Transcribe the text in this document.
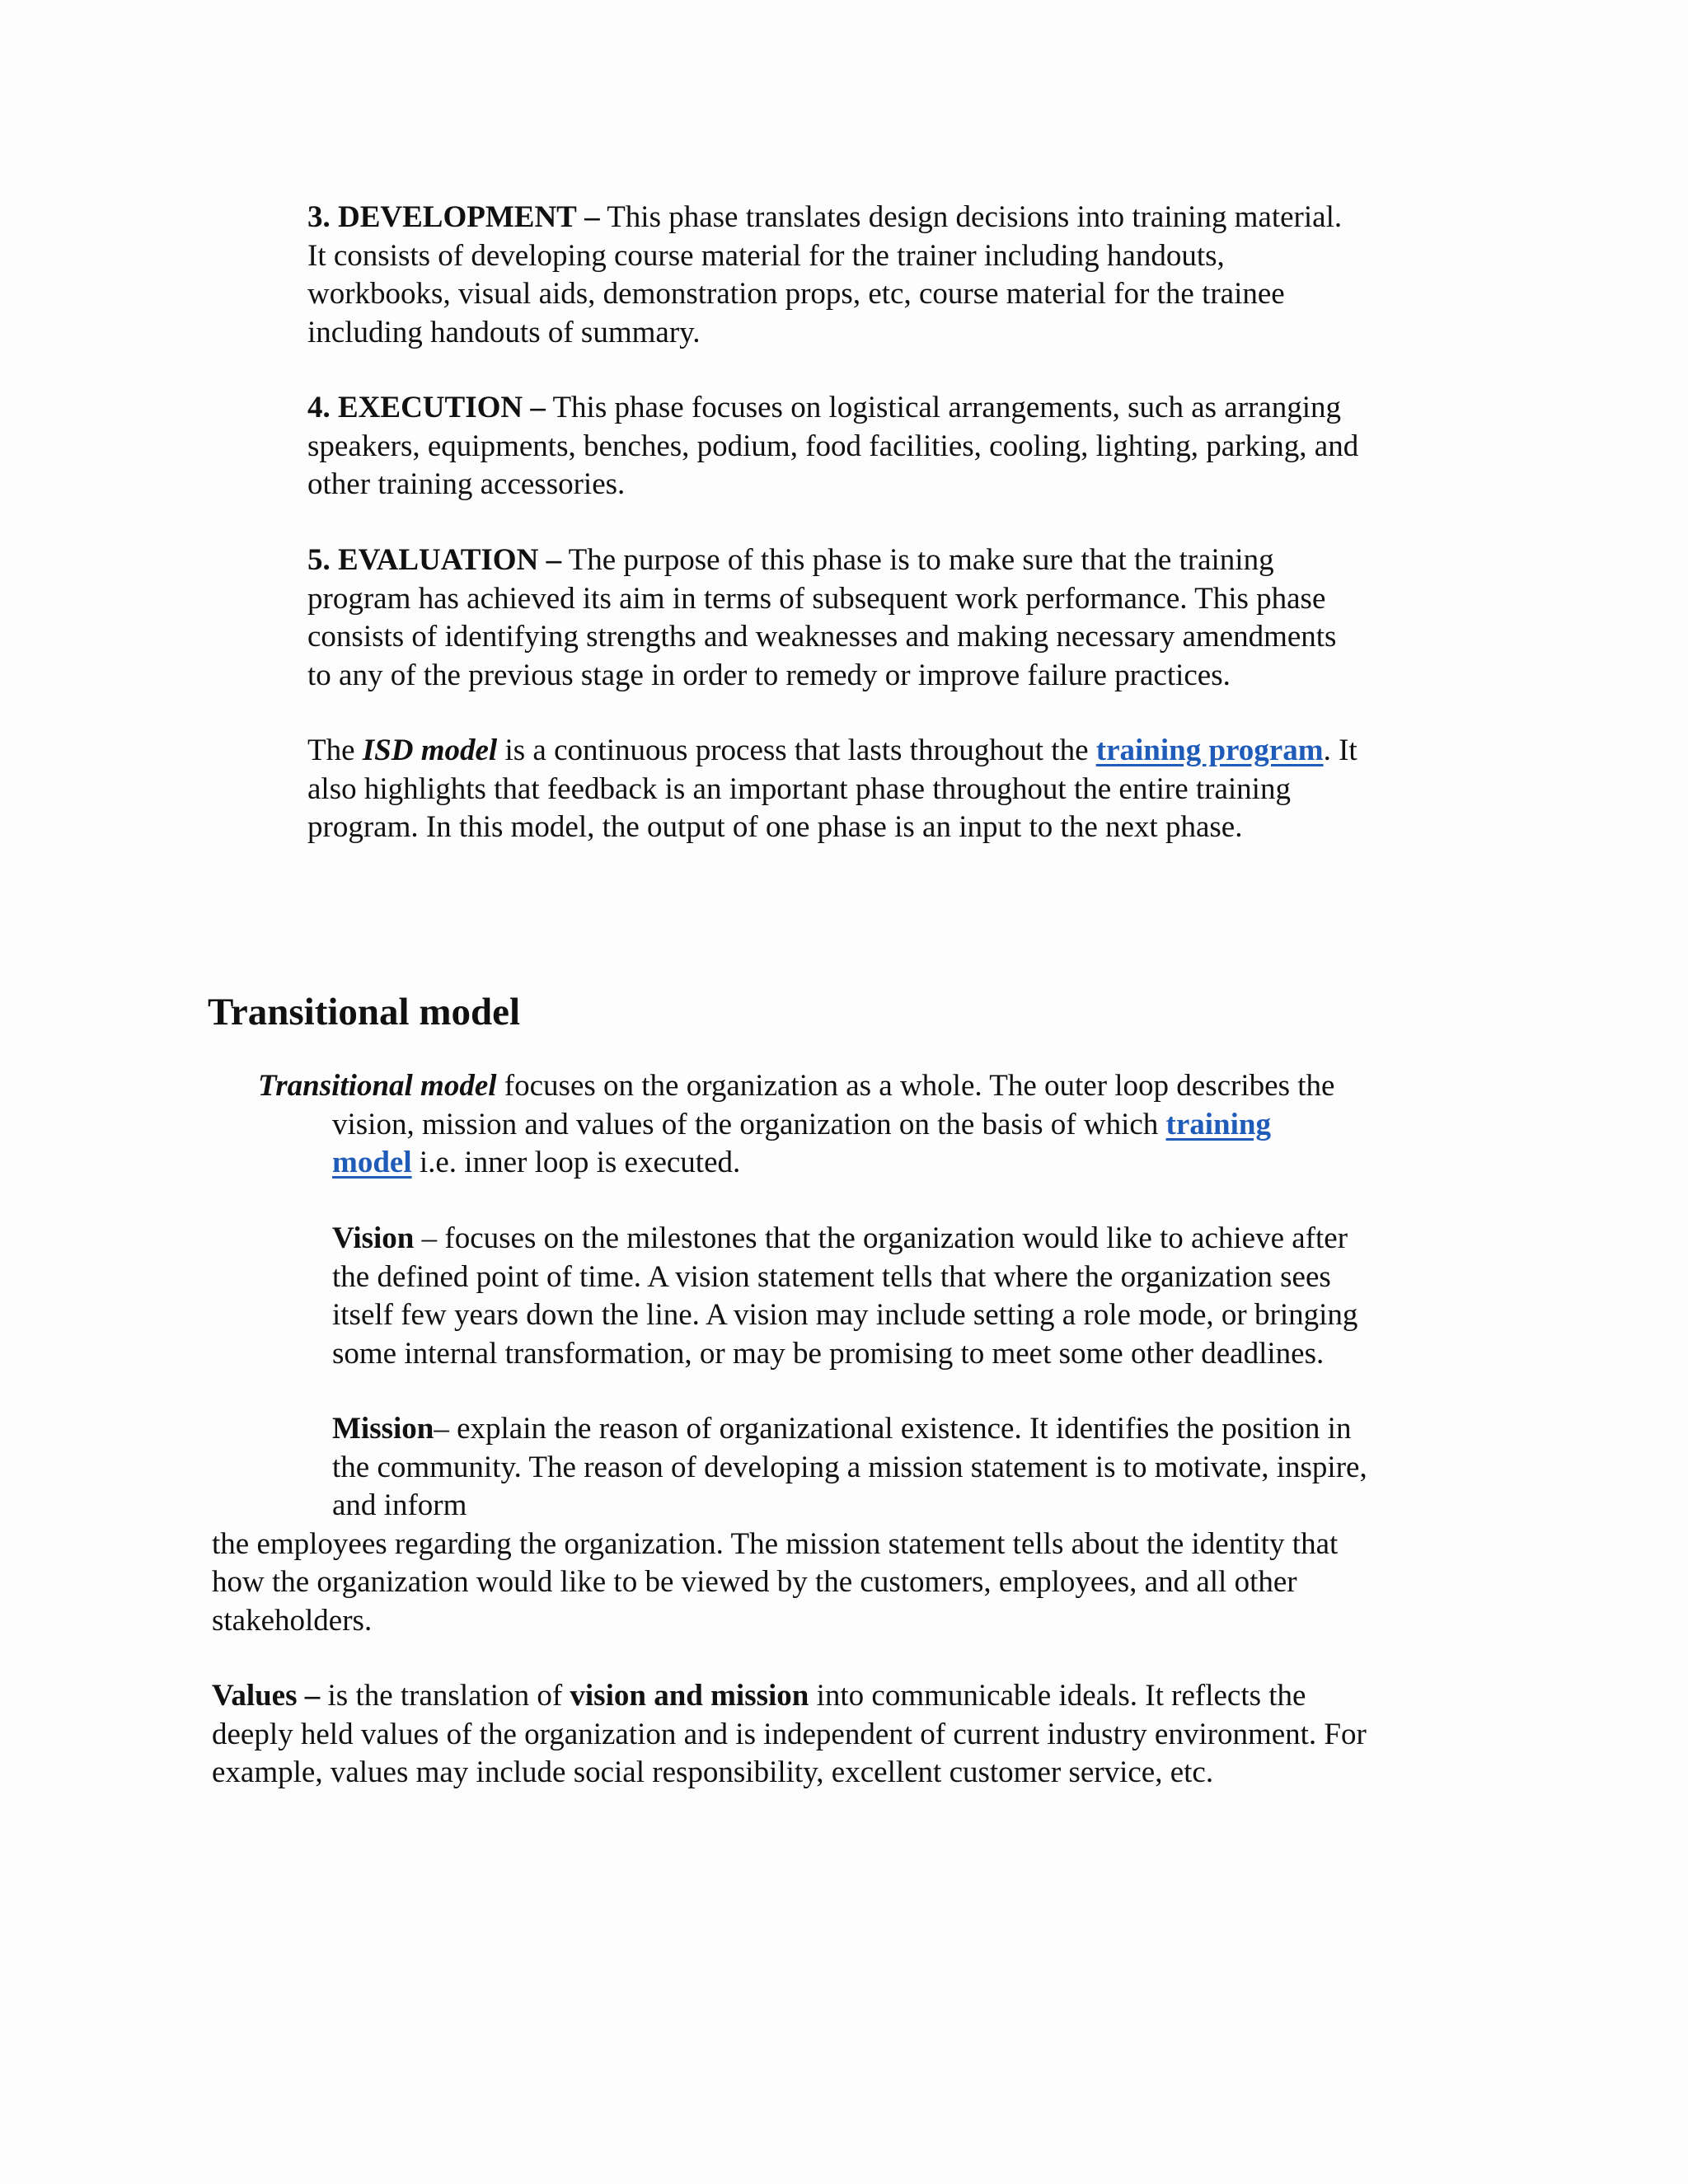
3. DEVELOPMENT – This phase translates design decisions into training material.
It consists of developing course material for the trainer including handouts,
workbooks, visual aids, demonstration props, etc, course material for the trainee
including handouts of summary.

4. EXECUTION – This phase focuses on logistical arrangements, such as arranging
speakers, equipments, benches, podium, food facilities, cooling, lighting, parking, and
other training accessories.

5. EVALUATION – The purpose of this phase is to make sure that the training
program has achieved its aim in terms of subsequent work performance. This phase
consists of identifying strengths and weaknesses and making necessary amendments
to any of the previous stage in order to remedy or improve failure practices.

The ISD model is a continuous process that lasts throughout the training program. It
also highlights that feedback is an important phase throughout the entire training
program. In this model, the output of one phase is an input to the next phase.

Transitional model

Transitional model focuses on the organization as a whole. The outer loop describes the
vision, mission and values of the organization on the basis of which training
model i.e. inner loop is executed.

Vision – focuses on the milestones that the organization would like to achieve after
the defined point of time. A vision statement tells that where the organization sees
itself few years down the line. A vision may include setting a role mode, or bringing
some internal transformation, or may be promising to meet some other deadlines.

Mission– explain the reason of organizational existence. It identifies the position in
the community. The reason of developing a mission statement is to motivate, inspire,
and inform
the employees regarding the organization. The mission statement tells about the identity that
how the organization would like to be viewed by the customers, employees, and all other
stakeholders.

Values – is the translation of vision and mission into communicable ideals. It reflects the
deeply held values of the organization and is independent of current industry environment. For
example, values may include social responsibility, excellent customer service, etc.
